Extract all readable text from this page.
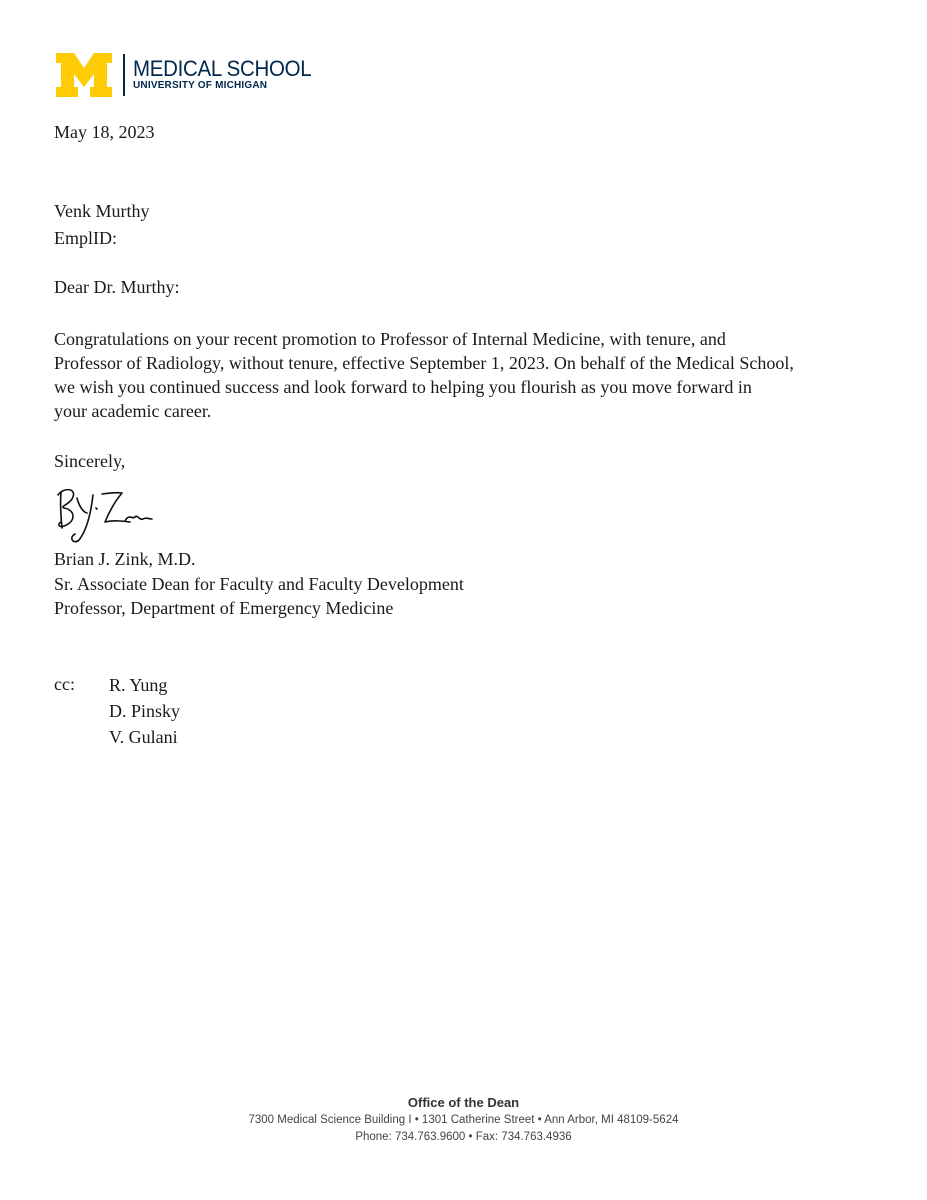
MEDICAL SCHOOL
UNIVERSITY OF MICHIGAN
May 18, 2023
Venk Murthy
EmplID:
Dear Dr. Murthy:
Congratulations on your recent promotion to Professor of Internal Medicine, with tenure, and
Professor of Radiology, without tenure, effective September 1, 2023. On behalf of the Medical School,
we wish you continued success and look forward to helping you flourish as you move forward in
your academic career.
Sincerely,
Brian J. Zink, M.D.
Sr. Associate Dean for Faculty and Faculty Development
Professor, Department of Emergency Medicine
cc: R. Yung
D. Pinsky
V. Gulani
Office of the Dean
7300 Medical Science Building I • 1301 Catherine Street • Ann Arbor, MI 48109-5624
Phone: 734.763.9600 • Fax: 734.763.4936
